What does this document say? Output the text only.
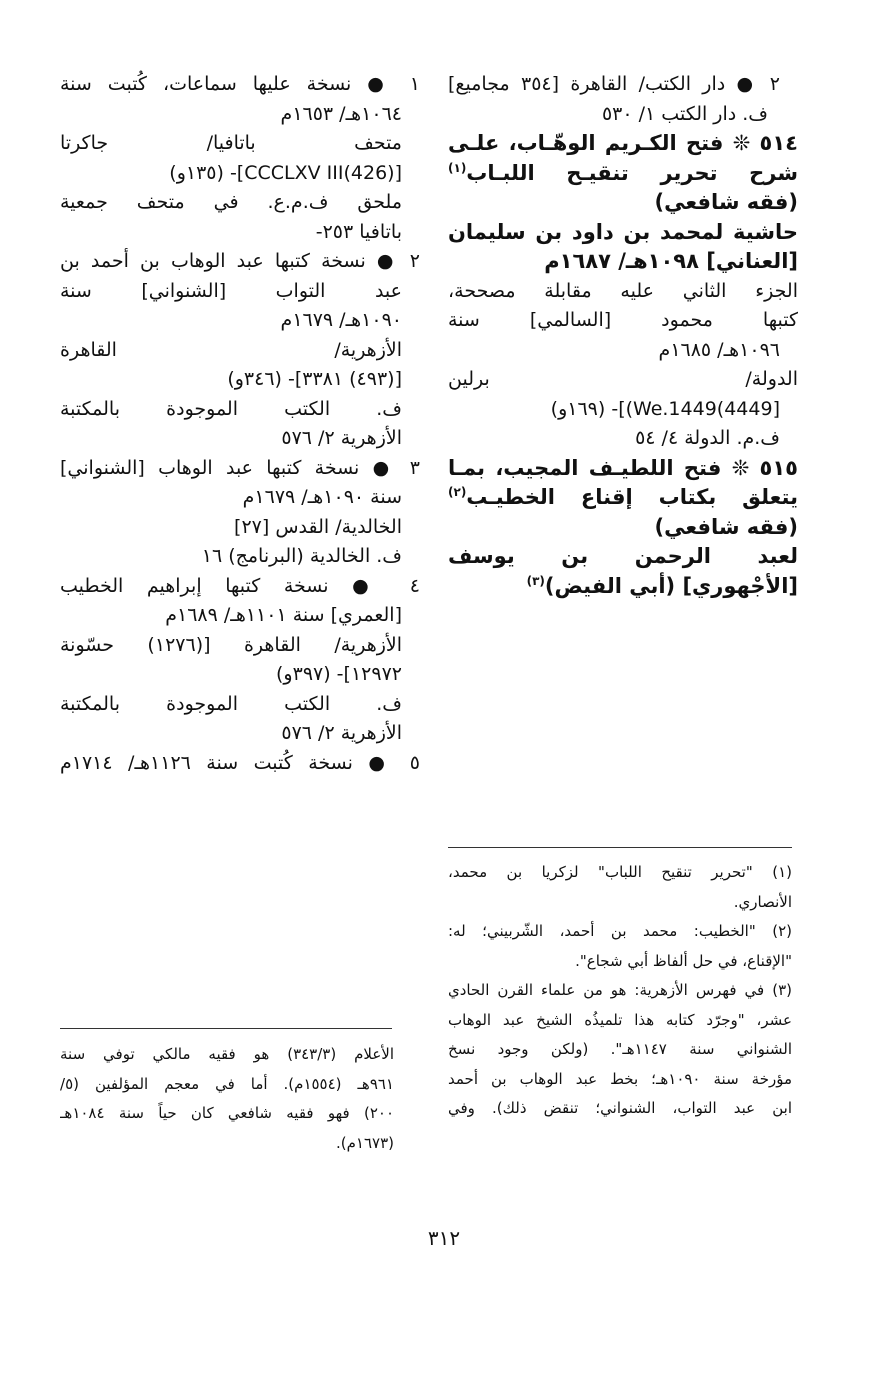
٢ ● دار الكتب/ القاهرة [٣٥٤ مجاميع]
ف. دار الكتب ١/ ٥٣٠
٥١٤ ❊ فتح الكـريم الوهّـاب، علـى
شرح تحرير تنقيـح اللبـاب$^{(١)}$
(فقه شافعي)
حاشية لمحمد بن داود بن سليمان
[العناني] ١٠٩٨هـ/ ١٦٨٧م
الجزء الثاني عليه مقابلة مصححة،
كتبها محمود [السالمي] سنة
١٠٩٦هـ/ ١٦٨٥م
الدولة/ برلين
[4449)We.1449)]- (١٦٩و)
ف.م. الدولة ٤/ ٥٤
٥١٥ ❊ فتح اللطيـف المجيب، بمـا
يتعلق بكتاب إقناع الخطيـب$^{(٢)}$
(فقه شافعي)
لعبد الرحمن بن يوسف
[الأُجْهوري] (أبي الفيض)$^{(٣)}$
١ ● نسخة عليها سماعات، كُتبت سنة
١٠٦٤هـ/ ١٦٥٣م
متحف باتافيا/ جاكرتا
[CCCLXV III(426)]- (١٣٥و)
ملحق ف.م.ع. في متحف جمعية
باتافيا ٢٥٣-
٢ ● نسخة كتبها عبد الوهاب بن أحمد بن
عبد التواب [الشنواني] سنة
١٠٩٠هـ/ ١٦٧٩م
الأزهرية/ القاهرة
[(٤٩٣) ٣٣٨١]- (٣٤٦و)
ف. الكتب الموجودة بالمكتبة
الأزهرية ٢/ ٥٧٦
٣ ● نسخة كتبها عبد الوهاب [الشنواني]
سنة ١٠٩٠هـ/ ١٦٧٩م
الخالدية/ القدس [٢٧]
ف. الخالدية (البرنامج) ١٦
٤ ● نسخة كتبها إبراهيم الخطيب
[العمري] سنة ١١٠١هـ/ ١٦٨٩م
الأزهرية/ القاهرة [(١٢٧٦) حسّونة
١٢٩٧٢]- (٣٩٧و)
ف. الكتب الموجودة بالمكتبة
الأزهرية ٢/ ٥٧٦
٥ ● نسخة كُتبت سنة ١١٢٦هـ/ ١٧١٤م
(١) "تحرير تنقيح اللباب" لزكريا بن محمد،
الأنصاري.
(٢) "الخطيب: محمد بن أحمد، الشّربيني؛ له:
"الإقناع، في حل ألفاظ أبي شجاع".
(٣) في فهرس الأزهرية: هو من علماء القرن الحادي
عشر، "وجرّد كتابه هذا تلميذُه الشيخ عبد الوهاب
الشنواني سنة ١١٤٧هـ". (ولكن وجود نسخ
مؤرخة سنة ١٠٩٠هـ؛ بخط عبد الوهاب بن أحمد
ابن عبد التواب، الشنواني؛ تنقض ذلك). وفي
الأعلام (٣٤٣/٣) هو فقيه مالكي توفي سنة
٩٦١هـ (١٥٥٤م). أما في معجم المؤلفين (٥/
٢٠٠) فهو فقيه شافعي كان حياً سنة ١٠٨٤هـ
(١٦٧٣م).
٣١٢
